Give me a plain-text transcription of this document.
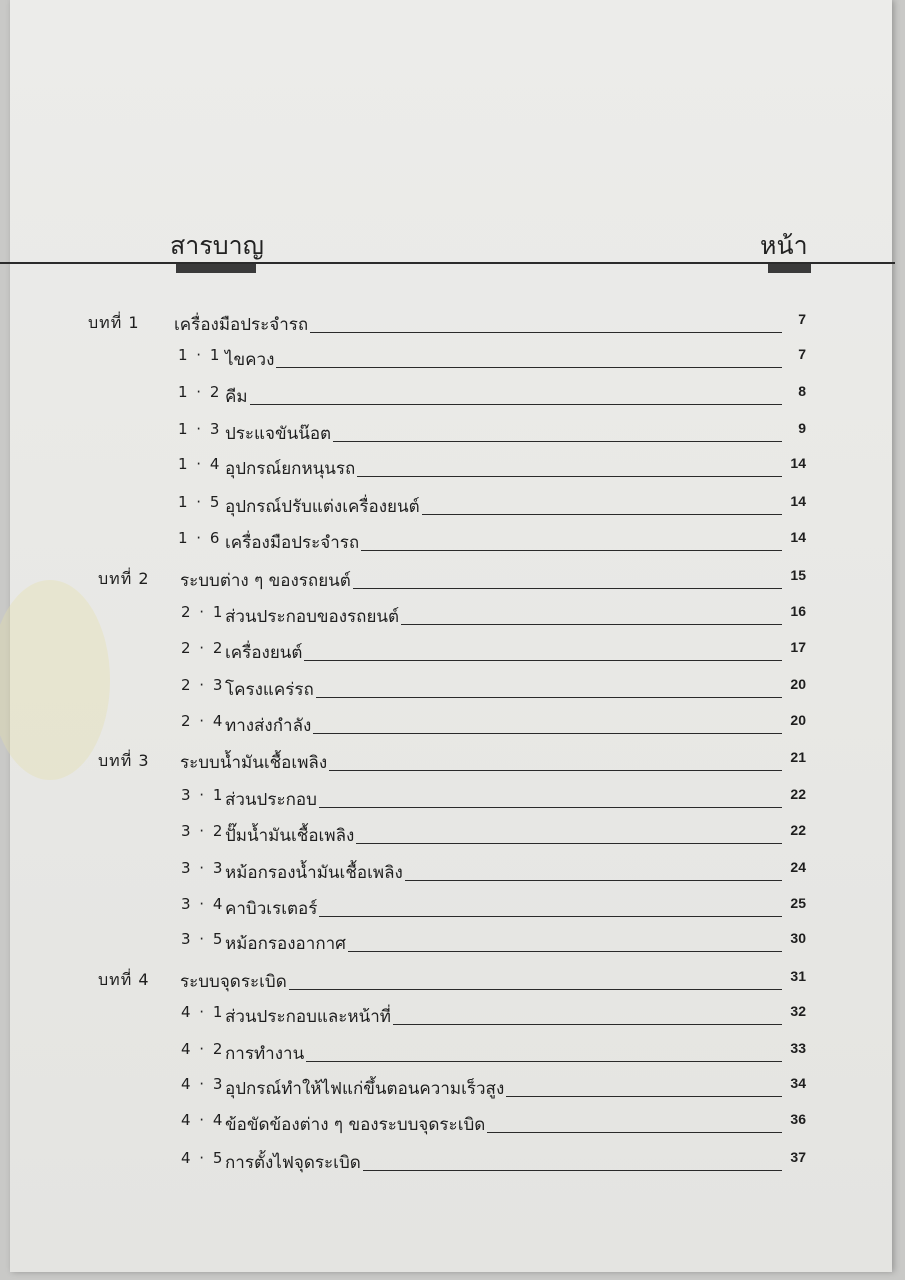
สารบาญ	หน้า
บทที่ 1 เครื่องมือประจำรถ	7
1 · 1 ไขควง	7
1 · 2 คีม	8
1 · 3 ประแจขันน๊อต	9
1 · 4 อุปกรณ์ยกหนุนรถ	14
1 · 5 อุปกรณ์ปรับแต่งเครื่องยนต์	14
1 · 6 เครื่องมือประจำรถ	14
บทที่ 2 ระบบต่าง ๆ ของรถยนต์	15
2 · 1 ส่วนประกอบของรถยนต์	16
2 · 2 เครื่องยนต์	17
2 · 3 โครงแคร่รถ	20
2 · 4 ทางส่งกำลัง	20
บทที่ 3 ระบบน้ำมันเชื้อเพลิง	21
3 · 1 ส่วนประกอบ	22
3 · 2 ปั๊มน้ำมันเชื้อเพลิง	22
3 · 3 หม้อกรองน้ำมันเชื้อเพลิง	24
3 · 4 คาบิวเรเตอร์	25
3 · 5 หม้อกรองอากาศ	30
บทที่ 4 ระบบจุดระเบิด	31
4 · 1 ส่วนประกอบและหน้าที่	32
4 · 2 การทำงาน	33
4 · 3 อุปกรณ์ทำให้ไฟแก่ขึ้นตอนความเร็วสูง	34
4 · 4 ข้อขัดข้องต่าง ๆ ของระบบจุดระเบิด	36
4 · 5 การตั้งไฟจุดระเบิด	37
